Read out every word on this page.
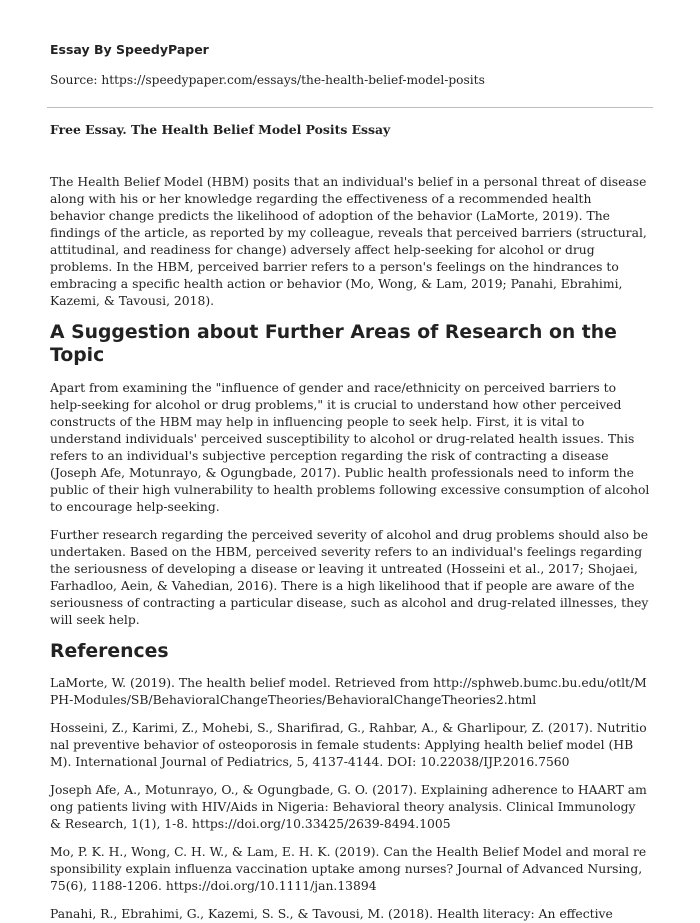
Essay By SpeedyPaper
Source: https://speedypaper.com/essays/the-health-belief-model-posits
Free Essay. The Health Belief Model Posits Essay

The Health Belief Model (HBM) posits that an individual's belief in a personal threat of disease along with his or her knowledge regarding the effectiveness of a recommended health behavior change predicts the likelihood of adoption of the behavior (LaMorte, 2019). The findings of the article, as reported by my colleague, reveals that perceived barriers (structural, attitudinal, and readiness for change) adversely affect help-seeking for alcohol or drug problems. In the HBM, perceived barrier refers to a person's feelings on the hindrances to embracing a specific health action or behavior (Mo, Wong, & Lam, 2019; Panahi, Ebrahimi, Kazemi, & Tavousi, 2018).

A Suggestion about Further Areas of Research on the Topic

Apart from examining the "influence of gender and race/ethnicity on perceived barriers to help-seeking for alcohol or drug problems," it is crucial to understand how other perceived constructs of the HBM may help in influencing people to seek help. First, it is vital to understand individuals' perceived susceptibility to alcohol or drug-related health issues. This refers to an individual's subjective perception regarding the risk of contracting a disease (Joseph Afe, Motunrayo, & Ogungbade, 2017). Public health professionals need to inform the public of their high vulnerability to health problems following excessive consumption of alcohol to encourage help-seeking.

Further research regarding the perceived severity of alcohol and drug problems should also be undertaken. Based on the HBM, perceived severity refers to an individual's feelings regarding the seriousness of developing a disease or leaving it untreated (Hosseini et al., 2017; Shojaei, Farhadloo, Aein, & Vahedian, 2016). There is a high likelihood that if people are aware of the seriousness of contracting a particular disease, such as alcohol and drug-related illnesses, they will seek help.

References

LaMorte, W. (2019). The health belief model. Retrieved from http://sphweb.bumc.bu.edu/otlt/MPH-Modules/SB/BehavioralChangeTheories/BehavioralChangeTheories2.html

Hosseini, Z., Karimi, Z., Mohebi, S., Sharifirad, G., Rahbar, A., & Gharlipour, Z. (2017). Nutritional preventive behavior of osteoporosis in female students: Applying health belief model (HBM). International Journal of Pediatrics, 5, 4137-4144. DOI: 10.22038/IJP.2016.7560

Joseph Afe, A., Motunrayo, O., & Ogungbade, G. O. (2017). Explaining adherence to HAART among patients living with HIV/Aids in Nigeria: Behavioral theory analysis. Clinical Immunology & Research, 1(1), 1-8. https://doi.org/10.33425/2639-8494.1005

Mo, P. K. H., Wong, C. H. W., & Lam, E. H. K. (2019). Can the Health Belief Model and moral responsibility explain influenza vaccination uptake among nurses? Journal of Advanced Nursing, 75(6), 1188-1206. https://doi.org/10.1111/jan.13894

Panahi, R., Ebrahimi, G., Kazemi, S. S., & Tavousi, M. (2018). Health literacy: An effective
